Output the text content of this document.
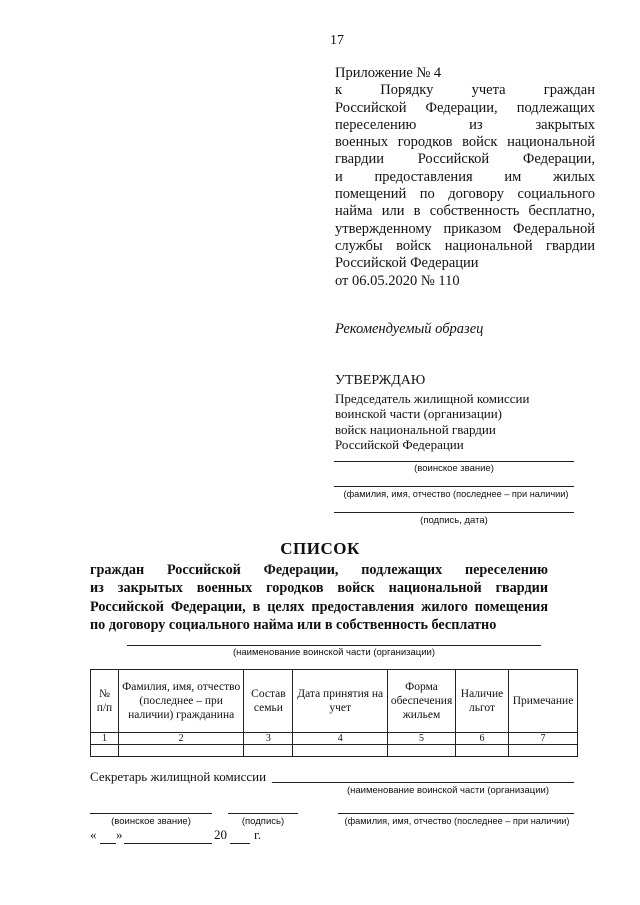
17
Приложение № 4
к Порядку учета граждан
Российской Федерации, подлежащих
переселению из закрытых
военных городков войск национальной
гвардии Российской Федерации,
и предоставления им жилых
помещений по договору социального
найма или в собственность бесплатно,
утвержденному приказом Федеральной
службы войск национальной гвардии
Российской Федерации
от 06.05.2020 № 110
Рекомендуемый образец
УТВЕРЖДАЮ
Председатель жилищной комиссии
воинской части (организации)
войск национальной гвардии
Российской Федерации
(воинское звание)
(фамилия, имя, отчество (последнее – при наличии)
(подпись, дата)
СПИСОК
граждан Российской Федерации, подлежащих переселению
из закрытых военных городков войск национальной гвардии
Российской Федерации, в целях предоставления жилого помещения
по договору социального найма или в собственность бесплатно
(наименование воинской части (организации)
№ п/п	Фамилия, имя, отчество (последнее – при наличии) гражданина	Состав семьи	Дата принятия на учет	Форма обеспечения жильем	Наличие льгот	Примечание
1	2	3	4	5	6	7

Секретарь жилищной комиссии
(наименование воинской части (организации)
(воинское звание)	(подпись)	(фамилия, имя, отчество (последнее – при наличии)
« »	20 г.
